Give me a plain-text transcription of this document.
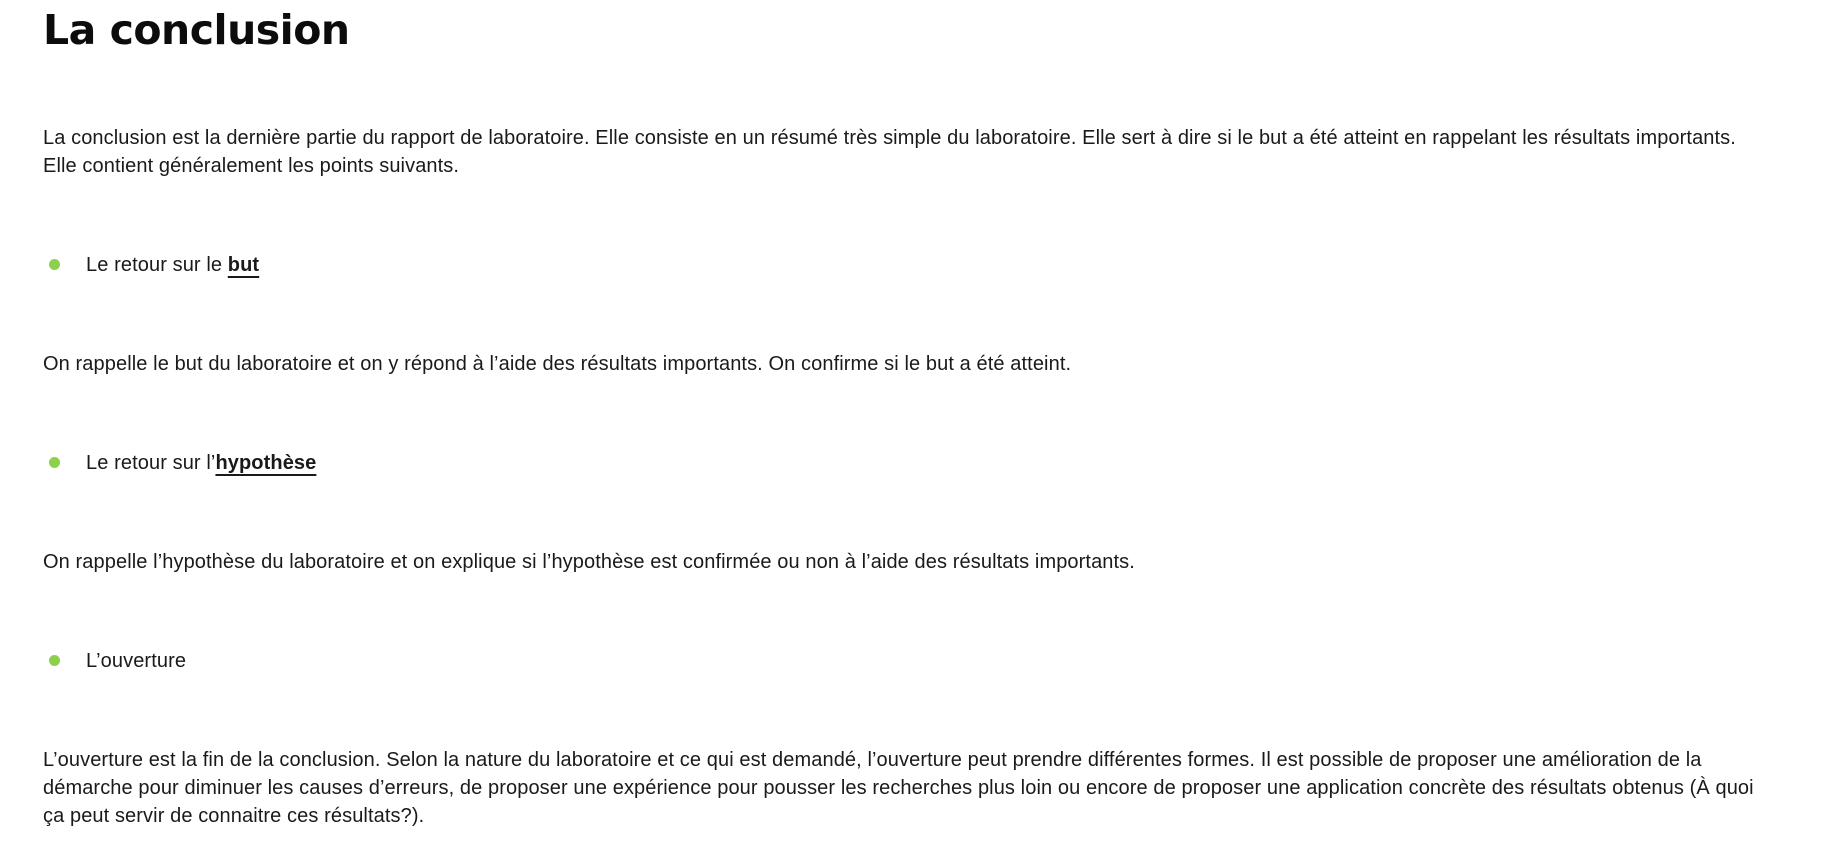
La conclusion

La conclusion est la dernière partie du rapport de laboratoire. Elle consiste en un résumé très simple du laboratoire. Elle sert à dire si le but a été atteint en rappelant les résultats importants. Elle contient généralement les points suivants.

Le retour sur le but

On rappelle le but du laboratoire et on y répond à l’aide des résultats importants. On confirme si le but a été atteint.

Le retour sur l’hypothèse

On rappelle l’hypothèse du laboratoire et on explique si l’hypothèse est confirmée ou non à l’aide des résultats importants.

L’ouverture

L’ouverture est la fin de la conclusion. Selon la nature du laboratoire et ce qui est demandé, l’ouverture peut prendre différentes formes. Il est possible de proposer une amélioration de la démarche pour diminuer les causes d’erreurs, de proposer une expérience pour pousser les recherches plus loin ou encore de proposer une application concrète des résultats obtenus (À quoi ça peut servir de connaitre ces résultats?).
